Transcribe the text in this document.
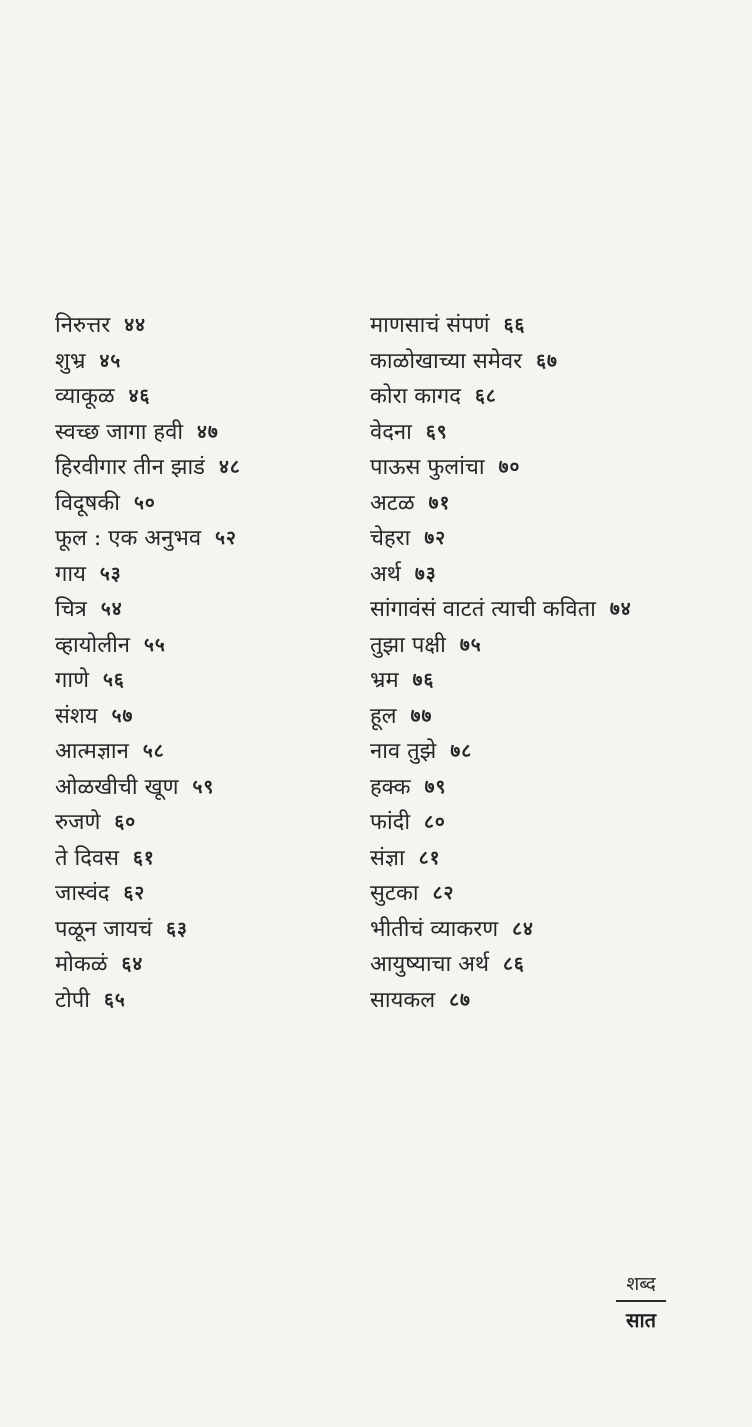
निरुत्तर ४४
शुभ्र ४५
व्याकूळ ४६
स्वच्छ जागा हवी ४७
हिरवीगार तीन झाडं ४८
विदूषकी ५०
फूल : एक अनुभव ५२
गाय ५३
चित्र ५४
व्हायोलीन ५५
गाणे ५६
संशय ५७
आत्मज्ञान ५८
ओळखीची खूण ५९
रुजणे ६०
ते दिवस ६१
जास्वंद ६२
पळून जायचं ६३
मोकळं ६४
टोपी ६५
माणसाचं संपणं ६६
काळोखाच्या समेवर ६७
कोरा कागद ६८
वेदना ६९
पाऊस फुलांचा ७०
अटळ ७१
चेहरा ७२
अर्थ ७३
सांगावंसं वाटतं त्याची कविता ७४
तुझा पक्षी ७५
भ्रम ७६
हूल ७७
नाव तुझे ७८
हक्क ७९
फांदी ८०
संज्ञा ८१
सुटका ८२
भीतीचं व्याकरण ८४
आयुष्याचा अर्थ ८६
सायकल ८७
शब्द
सात
